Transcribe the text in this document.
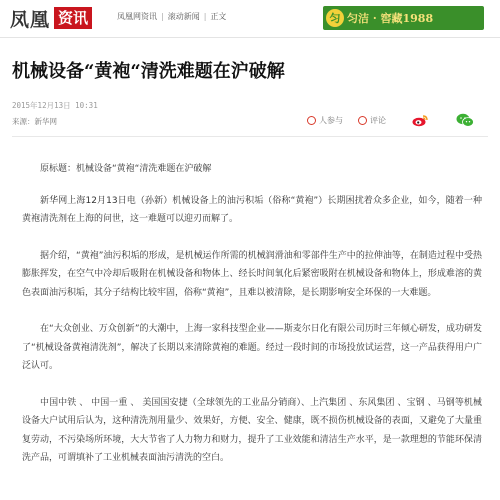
凤凰 资讯	凤凰网资讯 | 滚动新闻 | 正文	匀 匀洁 · 窖藏1988
机械设备“黄袍“清洗难题在沪破解
2015年12月13日 10:31
来源：新华网	人参与	评论

原标题：机械设备“黄袍“清洗难题在沪破解

新华网上海12月13日电（孙新）机械设备上的油污积垢（俗称“黄袍”）长期困扰着众多企业，如今，随着一种黄袍清洗剂在上海的问世，这一难题可以迎刃而解了。

据介绍，“黄袍”油污积垢的形成，是机械运作所需的机械润滑油和零部件生产中的拉伸油等，在制造过程中受热膨胀挥发，在空气中冷却后吸附在机械设备和物体上、经长时间氧化后紧密吸附在机械设备和物体上，形成难溶的黄色表面油污积垢，其分子结构比较牢固，俗称“黄袍”，且难以被清除，是长期影响安全环保的一大难题。

在“大众创业、万众创新”的大潮中，上海一家科技型企业——斯麦尔日化有限公司历时三年倾心研发，成功研发了“机械设备黄袍清洗剂”，解决了长期以来清除黄袍的难题。经过一段时间的市场投放试运营，这一产品获得用户广泛认可。

中国中铁 、 中国一重 、 美国国安捷（全球领先的工业品分销商）、上汽集团 、东风集团 、宝钢 、马钢等机械设备大户试用后认为，这种清洗剂用量少、效果好，方便、安全、健康，既不损伤机械设备的表面，又避免了大量重复劳动，不污染场所环境，大大节省了人力物力和财力，提升了工业效能和清洁生产水平，是一款理想的节能环保清洗产品，可谓填补了工业机械表面油污清洗的空白。
